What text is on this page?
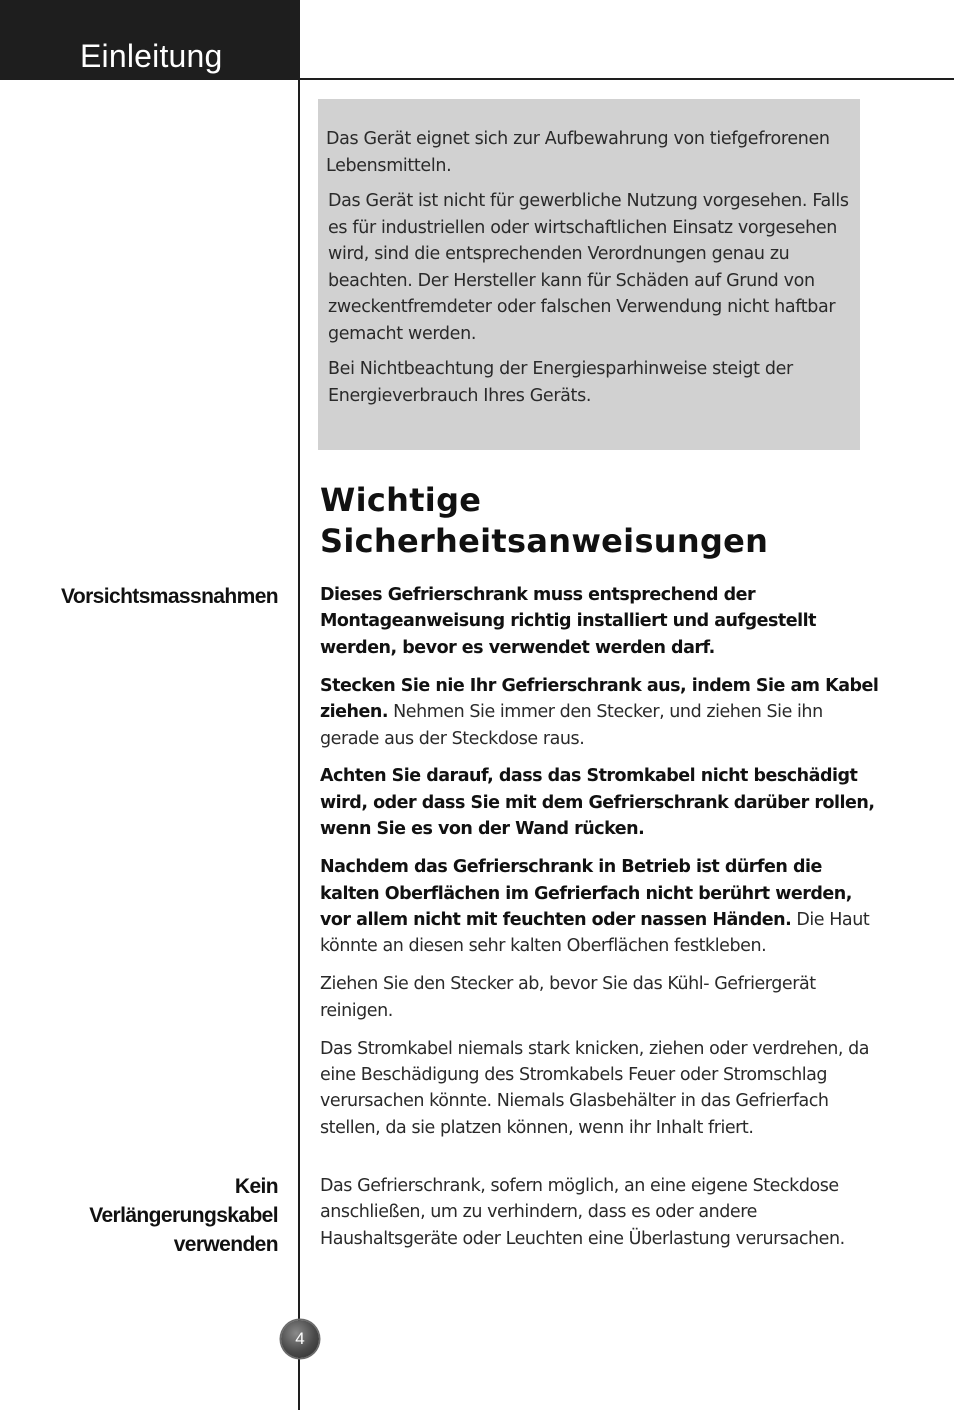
Einleitung

Das Gerät eignet sich zur Aufbewahrung von tiefgefrorenen Lebensmitteln.

Das Gerät ist nicht für gewerbliche Nutzung vorgesehen. Falls es für industriellen oder wirtschaftlichen Einsatz vorgesehen wird, sind die entsprechenden Verordnungen genau zu beachten. Der Hersteller kann für Schäden auf Grund von zweckentfremdeter oder falschen Verwendung nicht haftbar gemacht werden.

Bei Nichtbeachtung der Energiesparhinweise steigt der Energieverbrauch Ihres Geräts.

Wichtige
Sicherheitsanweisungen
Vorsichtsmassnahmen
Kein
Verlängerungskabel
verwenden

Dieses Gefrierschrank muss entsprechend der Montageanweisung richtig installiert und aufgestellt werden, bevor es verwendet werden darf.

Stecken Sie nie Ihr Gefrierschrank aus, indem Sie am Kabel ziehen. Nehmen Sie immer den Stecker, und ziehen Sie ihn gerade aus der Steckdose raus.

Achten Sie darauf, dass das Stromkabel nicht beschädigt wird, oder dass Sie mit dem Gefrierschrank darüber rollen, wenn Sie es von der Wand rücken.

Nachdem das Gefrierschrank in Betrieb ist dürfen die kalten Oberflächen im Gefrierfach nicht berührt werden, vor allem nicht mit feuchten oder nassen Händen. Die Haut könnte an diesen sehr kalten Oberflächen festkleben.

Ziehen Sie den Stecker ab, bevor Sie das Kühl- Gefriergerät reinigen.

Das Stromkabel niemals stark knicken, ziehen oder verdrehen, da eine Beschädigung des Stromkabels Feuer oder Stromschlag verursachen könnte. Niemals Glasbehälter in das Gefrierfach stellen, da sie platzen können, wenn ihr Inhalt friert.

Das Gefrierschrank, sofern möglich, an eine eigene Steckdose anschließen, um zu verhindern, dass es oder andere Haushaltsgeräte oder Leuchten eine Überlastung verursachen.

4
